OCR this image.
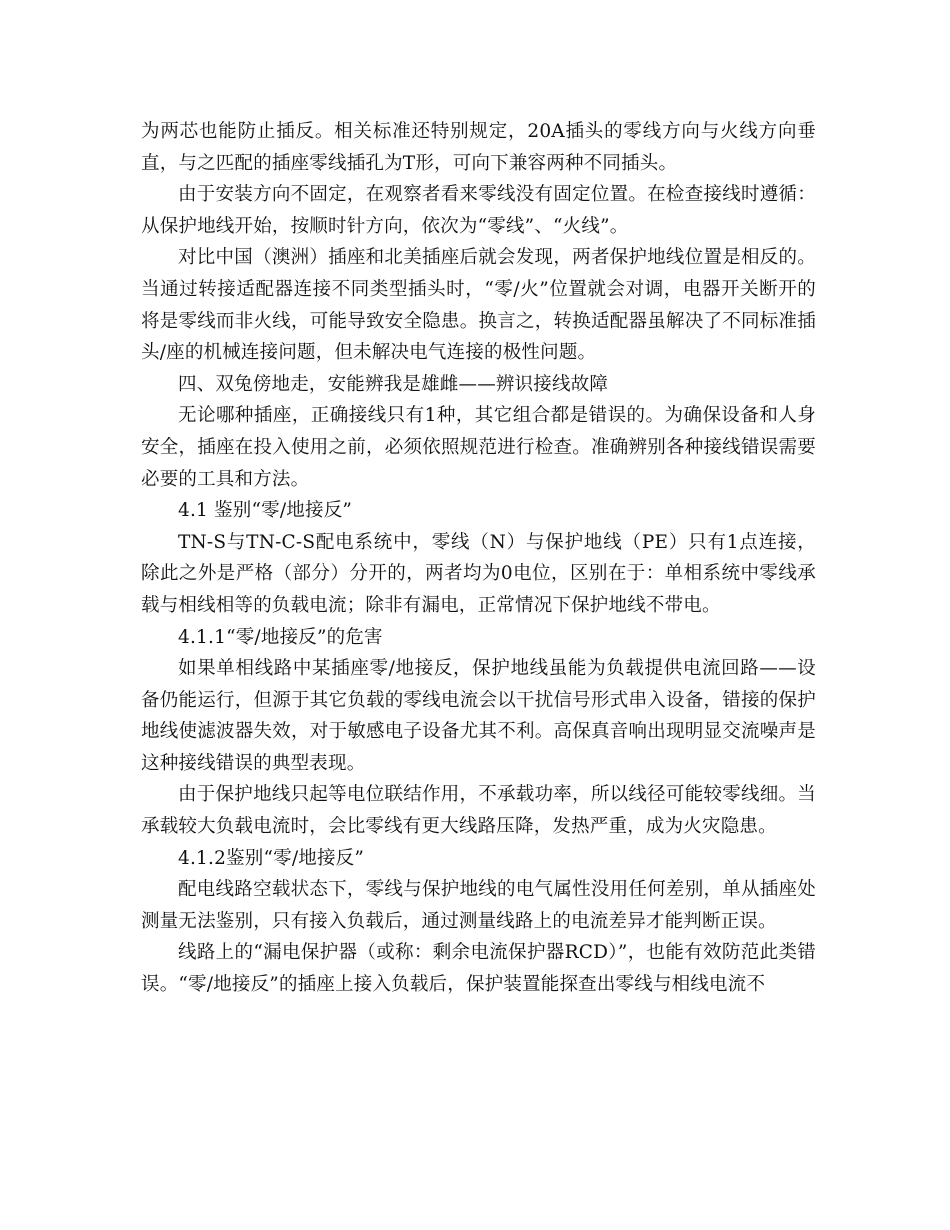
为两芯也能防止插反。相关标准还特别规定，20A插头的零线方向与火线方向垂直，与之匹配的插座零线插孔为T形，可向下兼容两种不同插头。

由于安装方向不固定，在观察者看来零线没有固定位置。在检查接线时遵循：从保护地线开始，按顺时针方向，依次为“零线”、“火线”。

对比中国（澳洲）插座和北美插座后就会发现，两者保护地线位置是相反的。当通过转接适配器连接不同类型插头时，“零/火”位置就会对调，电器开关断开的将是零线而非火线，可能导致安全隐患。换言之，转换适配器虽解决了不同标准插头/座的机械连接问题，但未解决电气连接的极性问题。

四、双兔傍地走，安能辨我是雄雌——辨识接线故障

无论哪种插座，正确接线只有1种，其它组合都是错误的。为确保设备和人身安全，插座在投入使用之前，必须依照规范进行检查。准确辨别各种接线错误需要必要的工具和方法。

4.1 鉴别“零/地接反”

TN-S与TN-C-S配电系统中，零线（N）与保护地线（PE）只有1点连接，除此之外是严格（部分）分开的，两者均为0电位，区别在于：单相系统中零线承载与相线相等的负载电流；除非有漏电，正常情况下保护地线不带电。

4.1.1“零/地接反”的危害

如果单相线路中某插座零/地接反，保护地线虽能为负载提供电流回路——设备仍能运行，但源于其它负载的零线电流会以干扰信号形式串入设备，错接的保护地线使滤波器失效，对于敏感电子设备尤其不利。高保真音响出现明显交流噪声是这种接线错误的典型表现。

由于保护地线只起等电位联结作用，不承载功率，所以线径可能较零线细。当承载较大负载电流时，会比零线有更大线路压降，发热严重，成为火灾隐患。

4.1.2鉴别“零/地接反”

配电线路空载状态下，零线与保护地线的电气属性没用任何差别，单从插座处测量无法鉴别，只有接入负载后，通过测量线路上的电流差异才能判断正误。

线路上的“漏电保护器（或称：剩余电流保护器RCD）”，也能有效防范此类错误。“零/地接反”的插座上接入负载后，保护装置能探查出零线与相线电流不
